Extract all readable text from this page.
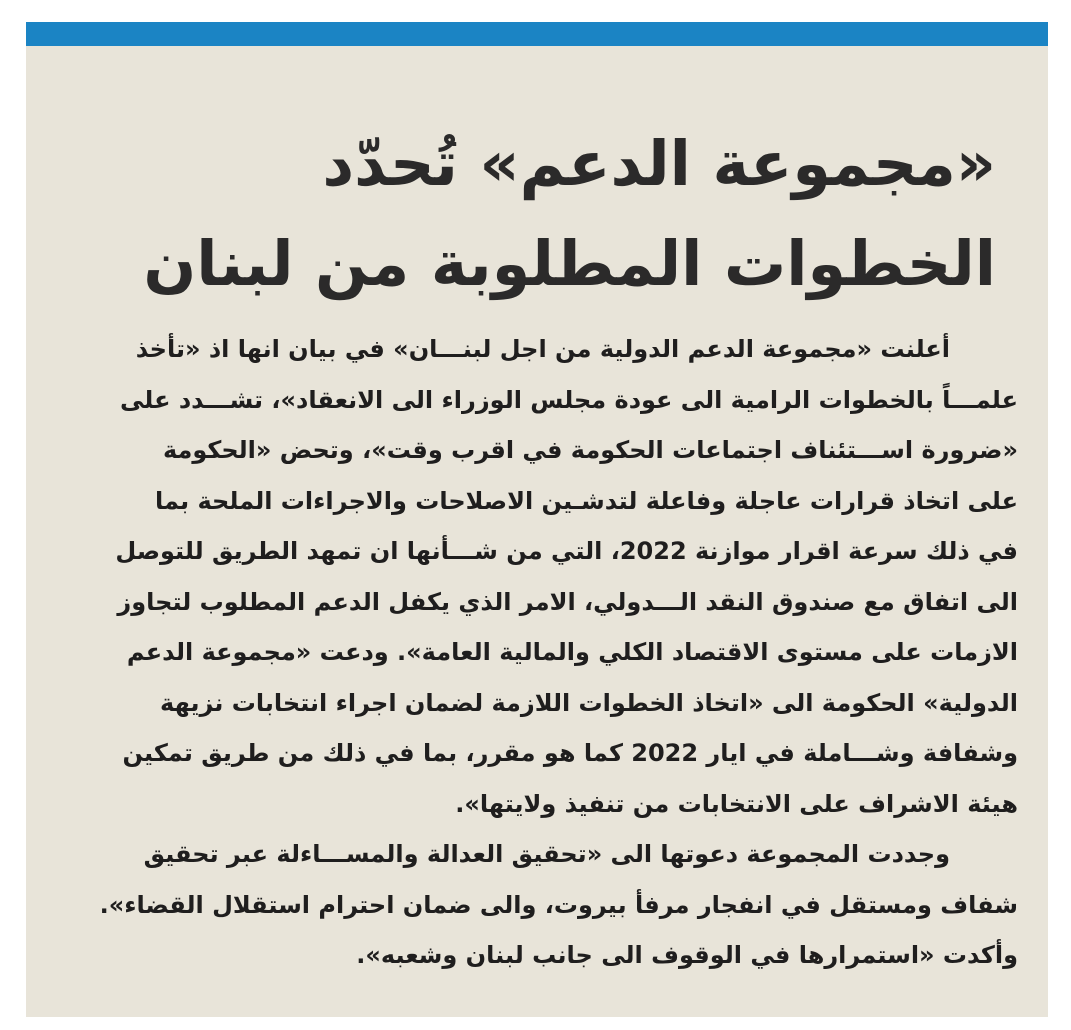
«مجموعة الدعم» تُحدّد
الخطوات المطلوبة من لبنان
أعلنت «مجموعة الدعم الدولية من اجل لبنـــان» في بيان انها اذ «تأخذ
علمـــاً بالخطوات الرامية الى عودة مجلس الوزراء الى الانعقاد»، تشـــدد على
«ضرورة اســـتئناف اجتماعات الحكومة في اقرب وقت»، وتحض «الحكومة
على اتخاذ قرارات عاجلة وفاعلة لتدشـين الاصلاحات والاجراءات الملحة بما
في ذلك سرعة اقرار موازنة 2022، التي من شـــأنها ان تمهد الطريق للتوصل
الى اتفاق مع صندوق النقد الـــدولي، الامر الذي يكفل الدعم المطلوب لتجاوز
الازمات على مستوى الاقتصاد الكلي والمالية العامة». ودعت «مجموعة الدعم
الدولية» الحكومة الى «اتخاذ الخطوات اللازمة لضمان اجراء انتخابات نزيهة
وشفافة وشـــاملة في ايار 2022 كما هو مقرر، بما في ذلك من طريق تمكين
هيئة الاشراف على الانتخابات من تنفيذ ولايتها».
وجددت المجموعة دعوتها الى «تحقيق العدالة والمســـاءلة عبر تحقيق
شفاف ومستقل في انفجار مرفأ بيروت، والى ضمان احترام استقلال القضاء».
وأكدت «استمرارها في الوقوف الى جانب لبنان وشعبه».
